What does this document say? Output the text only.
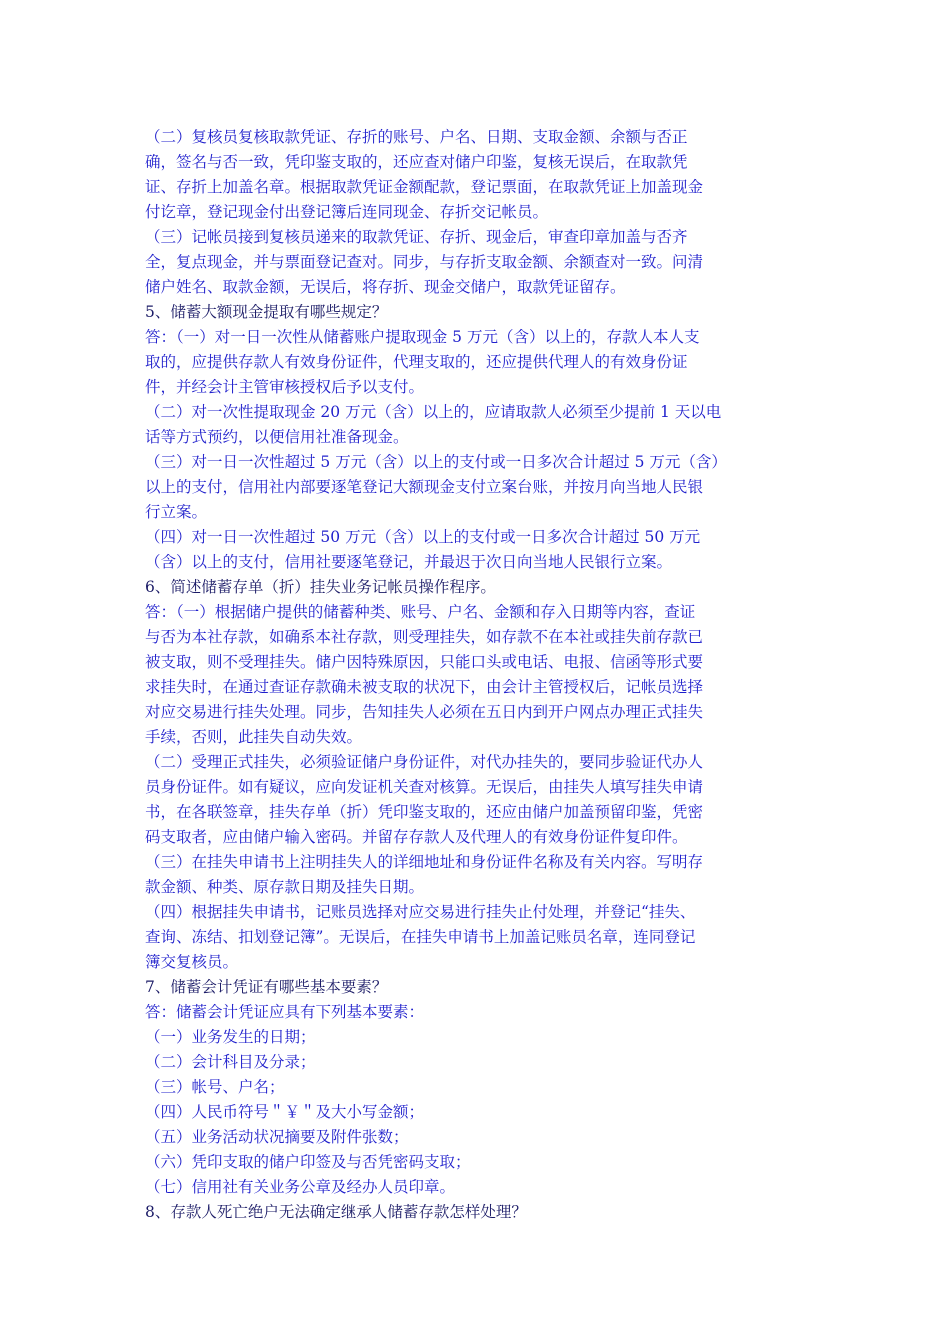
（二）复核员复核取款凭证、存折的账号、户名、日期、支取金额、余额与否正
确，签名与否一致，凭印鉴支取的，还应查对储户印鉴，复核无误后，在取款凭
证、存折上加盖名章。根据取款凭证金额配款，登记票面，在取款凭证上加盖现金
付讫章，登记现金付出登记簿后连同现金、存折交记帐员。
（三）记帐员接到复核员递来的取款凭证、存折、现金后，审查印章加盖与否齐
全，复点现金，并与票面登记查对。同步，与存折支取金额、余额查对一致。问清
储户姓名、取款金额，无误后，将存折、现金交储户，取款凭证留存。
5、储蓄大额现金提取有哪些规定？
答：（一）对一日一次性从储蓄账户提取现金 5 万元（含）以上的，存款人本人支
取的，应提供存款人有效身份证件，代理支取的，还应提供代理人的有效身份证
件，并经会计主管审核授权后予以支付。
（二）对一次性提取现金 20 万元（含）以上的，应请取款人必须至少提前 1 天以电
话等方式预约，以便信用社准备现金。
（三）对一日一次性超过 5 万元（含）以上的支付或一日多次合计超过 5 万元（含）
以上的支付，信用社内部要逐笔登记大额现金支付立案台账，并按月向当地人民银
行立案。
（四）对一日一次性超过 50 万元（含）以上的支付或一日多次合计超过 50 万元
（含）以上的支付，信用社要逐笔登记，并最迟于次日向当地人民银行立案。
6、简述储蓄存单（折）挂失业务记帐员操作程序。
答：（一）根据储户提供的储蓄种类、账号、户名、金额和存入日期等内容，查证
与否为本社存款，如确系本社存款，则受理挂失，如存款不在本社或挂失前存款已
被支取，则不受理挂失。储户因特殊原因，只能口头或电话、电报、信函等形式要
求挂失时，在通过查证存款确未被支取的状况下，由会计主管授权后，记帐员选择
对应交易进行挂失处理。同步，告知挂失人必须在五日内到开户网点办理正式挂失
手续，否则，此挂失自动失效。
（二）受理正式挂失，必须验证储户身份证件，对代办挂失的，要同步验证代办人
员身份证件。如有疑议，应向发证机关查对核算。无误后，由挂失人填写挂失申请
书，在各联签章，挂失存单（折）凭印鉴支取的，还应由储户加盖预留印鉴，凭密
码支取者，应由储户输入密码。并留存存款人及代理人的有效身份证件复印件。
（三）在挂失申请书上注明挂失人的详细地址和身份证件名称及有关内容。写明存
款金额、种类、原存款日期及挂失日期。
（四）根据挂失申请书，记账员选择对应交易进行挂失止付处理，并登记“挂失、
查询、冻结、扣划登记簿”。无误后，在挂失申请书上加盖记账员名章，连同登记
簿交复核员。
7、储蓄会计凭证有哪些基本要素？
答：储蓄会计凭证应具有下列基本要素：
（一）业务发生的日期；
（二）会计科目及分录；
（三）帐号、户名；
（四）人民币符号＂￥＂及大小写金额；
（五）业务活动状况摘要及附件张数；
（六）凭印支取的储户印签及与否凭密码支取；
（七）信用社有关业务公章及经办人员印章。
8、存款人死亡绝户无法确定继承人储蓄存款怎样处理？
